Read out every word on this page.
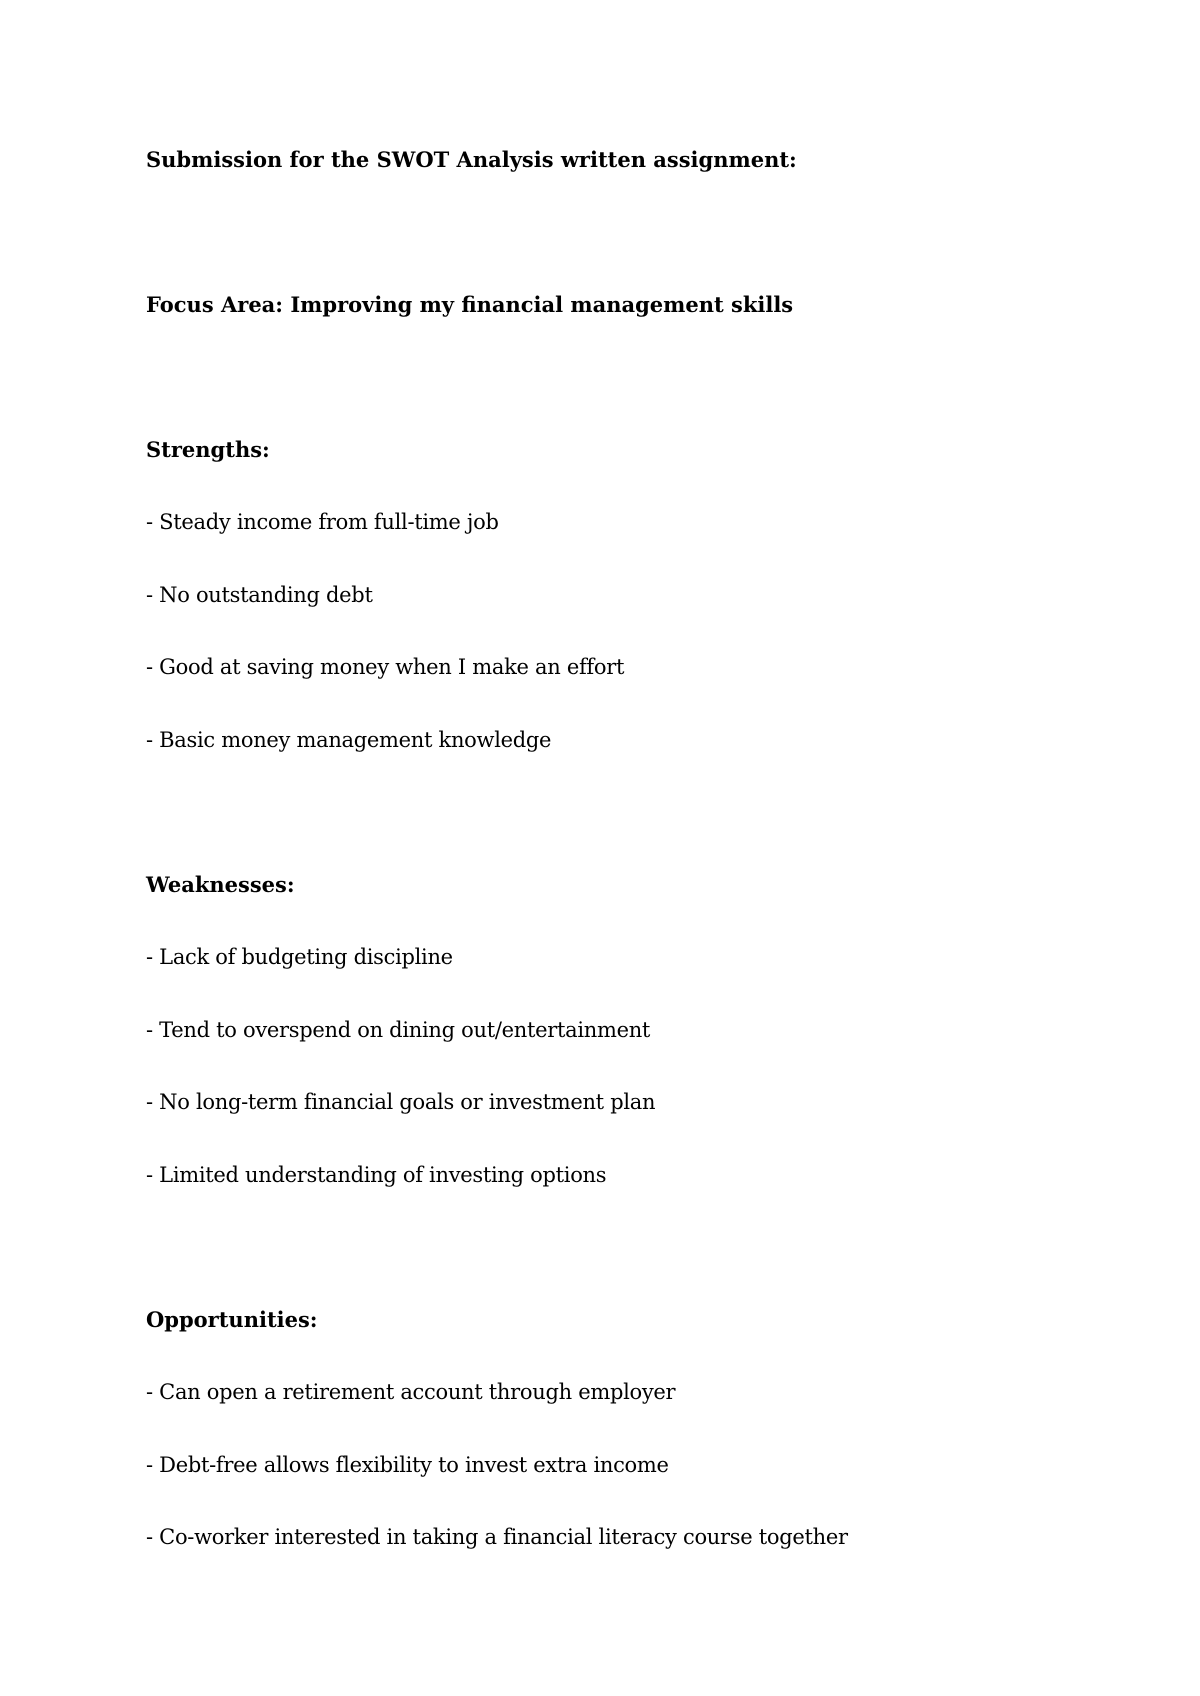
Submission for the SWOT Analysis written assignment:
Focus Area: Improving my financial management skills
Strengths:
- Steady income from full-time job
- No outstanding debt
- Good at saving money when I make an effort
- Basic money management knowledge
Weaknesses:
- Lack of budgeting discipline
- Tend to overspend on dining out/entertainment
- No long-term financial goals or investment plan
- Limited understanding of investing options
Opportunities:
- Can open a retirement account through employer
- Debt-free allows flexibility to invest extra income
- Co-worker interested in taking a financial literacy course together
